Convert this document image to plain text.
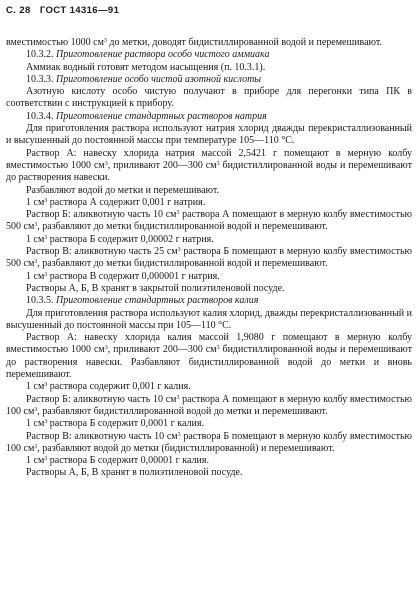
С. 28 ГОСТ 14316—91

вместимостью 1000 $см^3$ до метки, доводят бидистиллированной водой и перемешивают.

10.3.2. Приготовление раствора особо чистого аммиака

Аммиак водный готовят методом насыщения (п. 10.3.1).

10.3.3. Приготовление особо чистой азотной кислоты

Азотную кислоту особо чистую получают в приборе для перегонки типа ПК в соответствии с инструкцией к прибору.

10.3.4. Приготовление стандартных растворов натрия

Для приготовления раствора используют натрия хлорид дважды перекристаллизованный и высушенный до постоянной массы при температуре 105—110 °C.

Раствор А: навеску хлорида натрия массой 2,5421 г помещают в мерную колбу вместимостью 1000 $см^3$, приливают 200—300 $см^3$ бидистиллированной воды и перемешивают до растворения навески.

Разбавляют водой до метки и перемешивают.

1 $см^3$ раствора А содержит 0,001 г натрия.

Раствор Б: аликвотную часть 10 $см^3$ раствора А помещают в мерную колбу вместимостью 500 $см^3$, разбавляют до метки бидистиллированной водой и перемешивают.

1 $см^3$ раствора Б содержит 0,00002 г натрия.

Раствор В: аликвотную часть 25 $см^3$ раствора Б помещают в мерную колбу вместимостью 500 $см^3$, разбавляют до метки бидистиллированной водой и перемешивают.

1 $см^3$ раствора В содержит 0,000001 г натрия.

Растворы А, Б, В хранят в закрытой полиэтиленовой посуде.

10.3.5. Приготовление стандартных растворов калия

Для приготовления раствора используют калия хлорид, дважды перекристаллизованный и высушенный до постоянной массы при 105—110 °C.

Раствор А: навеску хлорида калия массой 1,9080 г помещают в мерную колбу вместимостью 1000 $см^3$, приливают 200—300 $см^3$ бидистиллированной воды и перемешивают до растворения навески. Разбавляют бидистиллированной водой до метки и вновь перемешивают.

1 $см^3$ раствора содержит 0,001 г калия.

Раствор Б: аликвотную часть 10 $см^3$ раствора А помещают в мерную колбу вместимостью 100 $см^3$, разбавляют бидистиллированной водой до метки и перемешивают.

1 $см^3$ раствора Б содержит 0,0001 г калия.

Раствор В: аликвотную часть 10 $см^3$ раствора Б помещают в мерную колбу вместимостью 100 $см^3$, разбавляют водой до метки (бидистиллированной) и перемешивают.

1 $см^3$ раствора Б содержит 0,00001 г калия.

Растворы А, Б, В хранят в полиэтиленовой посуде.
